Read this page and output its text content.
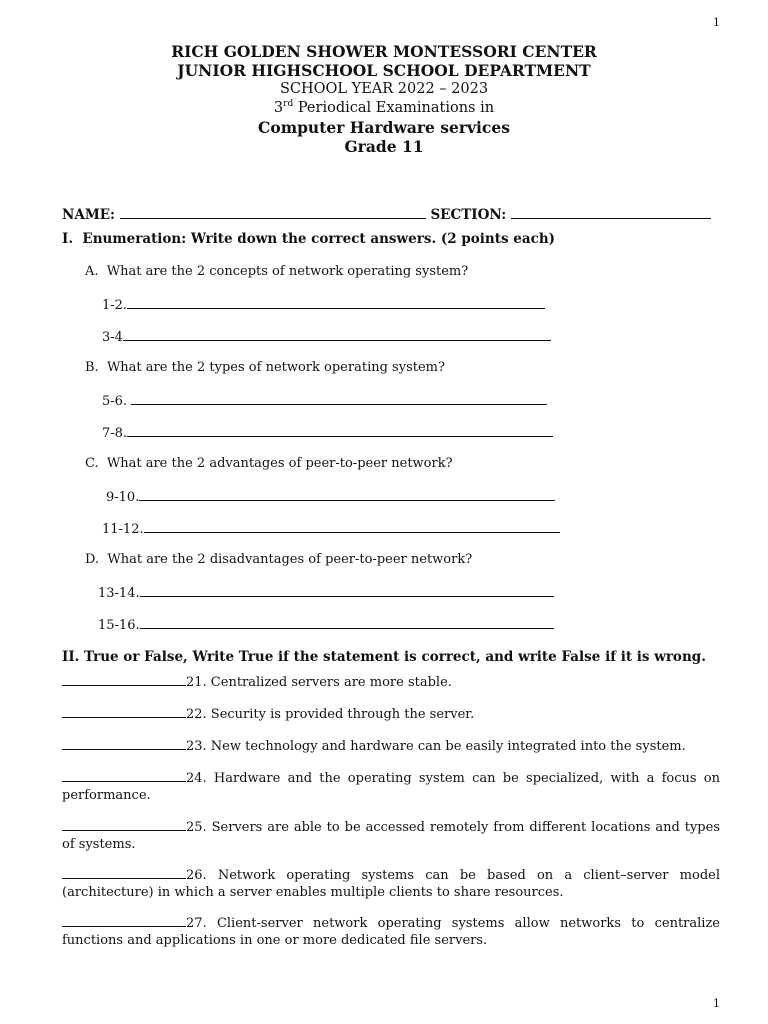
1
RICH GOLDEN SHOWER MONTESSORI CENTER
JUNIOR HIGHSCHOOL SCHOOL DEPARTMENT
SCHOOL YEAR 2022 – 2023
3rd Periodical Examinations in
Computer Hardware services
Grade 11
NAME:	SECTION:
I.  Enumeration: Write down the correct answers. (2 points each)
A.  What are the 2 concepts of network operating system?
1-2.
3-4
B.  What are the 2 types of network operating system?
5-6.
7-8.
C.  What are the 2 advantages of peer-to-peer network?
9-10.
11-12.
D.  What are the 2 disadvantages of peer-to-peer network?
13-14.
15-16.
II. True or False, Write True if the statement is correct, and write False if it is wrong.
21. Centralized servers are more stable.
22. Security is provided through the server.
23. New technology and hardware can be easily integrated into the system.
24. Hardware and the operating system can be specialized, with a focus on performance.
25. Servers are able to be accessed remotely from different locations and types of systems.
26. Network operating systems can be based on a client–server model (architecture) in which a server enables multiple clients to share resources.
27. Client-server network operating systems allow networks to centralize functions and applications in one or more dedicated file servers.
1
